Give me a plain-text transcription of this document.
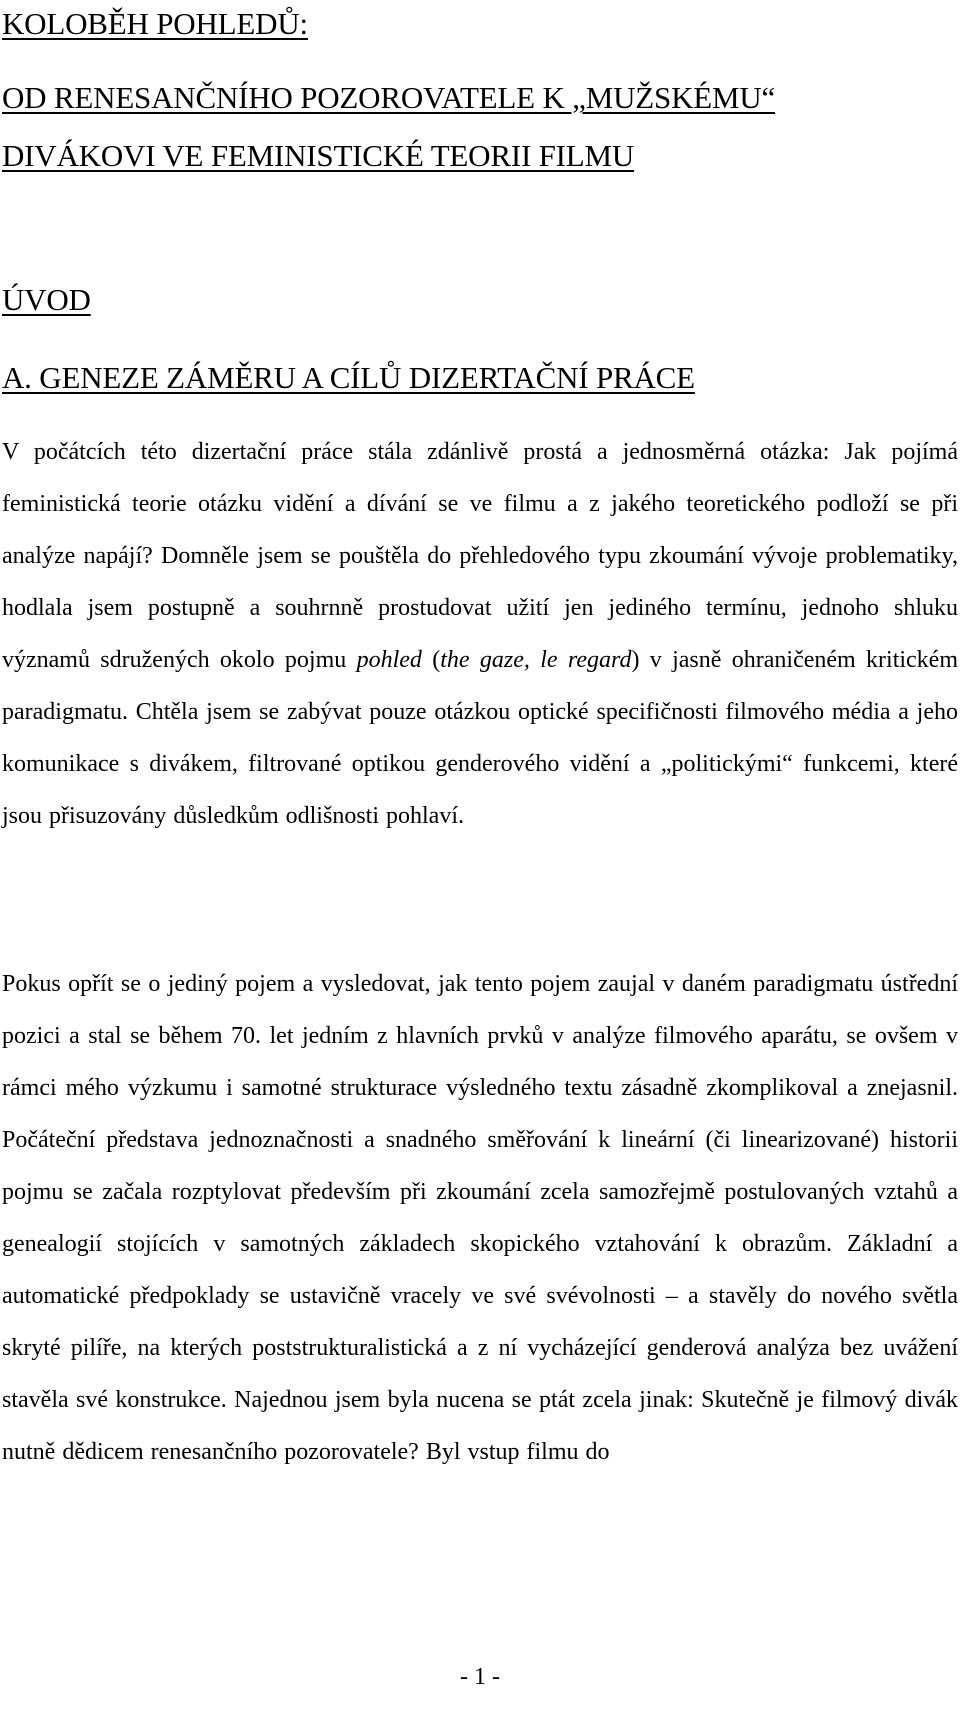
KOLOBĚH POHLEDŮ:
OD RENESANČNÍHO POZOROVATELE K „MUŽSKÉMU“
DIVÁKOVI VE FEMINISTICKÉ TEORII FILMU
ÚVOD
A. GENEZE ZÁMĚRU A CÍLŮ DIZERTAČNÍ PRÁCE

V počátcích této dizertační práce stála zdánlivě prostá a jednosměrná otázka: Jak pojímá feministická teorie otázku vidění a dívání se ve filmu a z jakého teoretického podloží se při analýze napájí? Domněle jsem se pouštěla do přehledového typu zkoumání vývoje problematiky, hodlala jsem postupně a souhrnně prostudovat užití jen jediného termínu, jednoho shluku významů sdružených okolo pojmu pohled (the gaze, le regard) v jasně ohraničeném kritickém paradigmatu. Chtěla jsem se zabývat pouze otázkou optické specifičnosti filmového média a jeho komunikace s divákem, filtrované optikou genderového vidění a „politickými“ funkcemi, které jsou přisuzovány důsledkům odlišnosti pohlaví.

Pokus opřít se o jediný pojem a vysledovat, jak tento pojem zaujal v daném paradigmatu ústřední pozici a stal se během 70. let jedním z hlavních prvků v analýze filmového aparátu, se ovšem v rámci mého výzkumu i samotné strukturace výsledného textu zásadně zkomplikoval a znejasnil. Počáteční představa jednoznačnosti a snadného směřování k lineární (či linearizované) historii pojmu se začala rozptylovat především při zkoumání zcela samozřejmě postulovaných vztahů a genealogií stojících v samotných základech skopického vztahování k obrazům. Základní a automatické předpoklady se ustavičně vracely ve své svévolnosti – a stavěly do nového světla skryté pilíře, na kterých poststrukturalistická a z ní vycházející genderová analýza bez uvážení stavěla své konstrukce. Najednou jsem byla nucena se ptát zcela jinak: Skutečně je filmový divák nutně dědicem renesančního pozorovatele? Byl vstup filmu do

- 1 -
